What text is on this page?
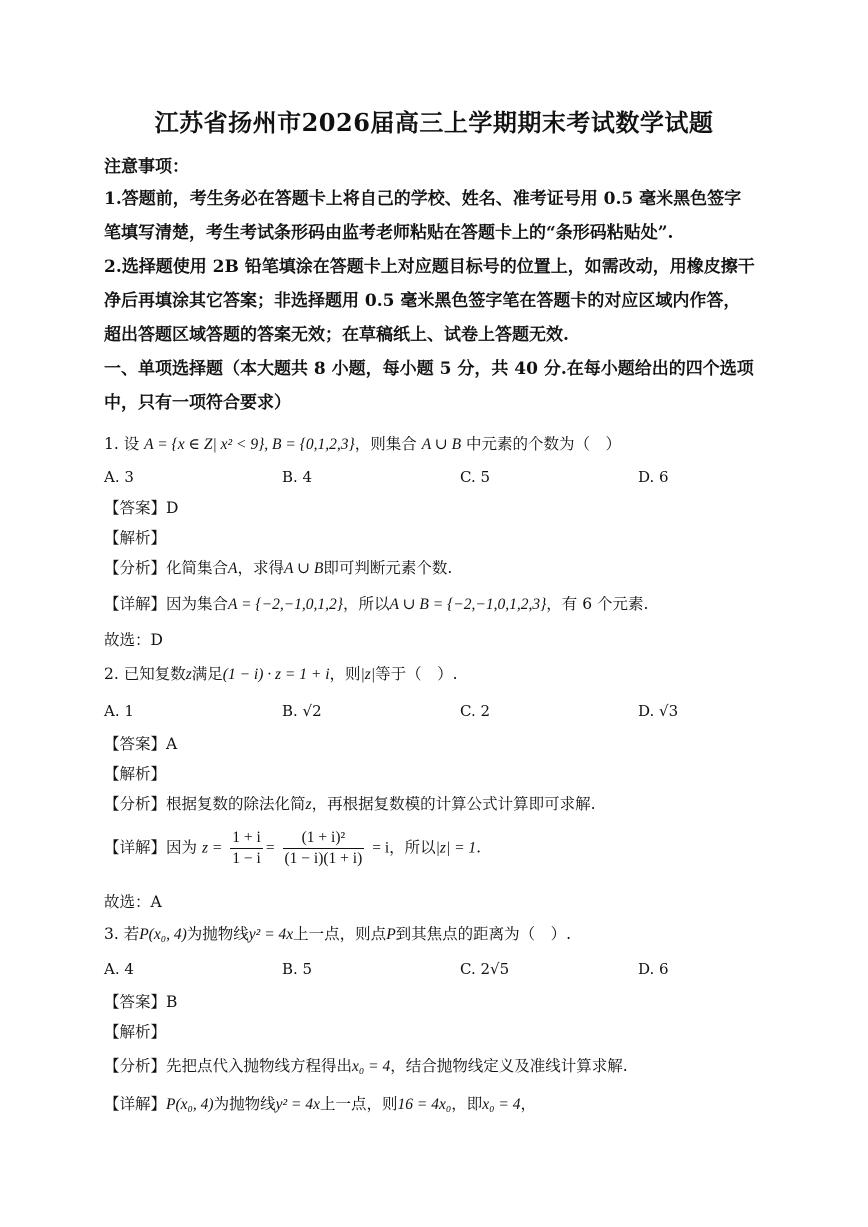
江苏省扬州市2026届高三上学期期末考试数学试题
注意事项：
1.答题前，考生务必在答题卡上将自己的学校、姓名、准考证号用 0.5 毫米黑色签字
笔填写清楚，考生考试条形码由监考老师粘贴在答题卡上的“条形码粘贴处”.
2.选择题使用 2B 铅笔填涂在答题卡上对应题目标号的位置上，如需改动，用橡皮擦干
净后再填涂其它答案；非选择题用 0.5 毫米黑色签字笔在答题卡的对应区域内作答，
超出答题区域答题的答案无效；在草稿纸上、试卷上答题无效.
一、单项选择题（本大题共 8 小题，每小题 5 分，共 40 分.在每小题给出的四个选项
中，只有一项符合要求）
1. 设 A = {x ∈ Z| x² < 9}, B = {0,1,2,3}，则集合 A ∪ B 中元素的个数为（　）
A. 3	B. 4	C. 5	D. 6
【答案】D
【解析】
【分析】化简集合A，求得A ∪ B即可判断元素个数.
【详解】因为集合A = {−2,−1,0,1,2}，所以A ∪ B = {−2,−1,0,1,2,3}，有 6 个元素.
故选：D
2. 已知复数z满足(1 − i) · z = 1 + i，则|z|等于（　）.
A. 1	B. √2	C. 2	D. √3
【答案】A
【解析】
【分析】根据复数的除法化简z，再根据复数模的计算公式计算即可求解.
【详解】因为 $z = \frac{1 + i}{1 - i} = \frac{\text{(1 + i)²}}{(1 - i)(1 + i)} = i$，所以|z| = 1.
故选：A
3. 若P(x₀, 4)为抛物线y² = 4x上一点，则点P到其焦点的距离为（　）.
A. 4	B. 5	C. 2√5	D. 6
【答案】B
【解析】
【分析】先把点代入抛物线方程得出x₀ = 4，结合抛物线定义及准线计算求解.
【详解】P(x₀, 4)为抛物线y² = 4x上一点，则16 = 4x₀，即x₀ = 4，
